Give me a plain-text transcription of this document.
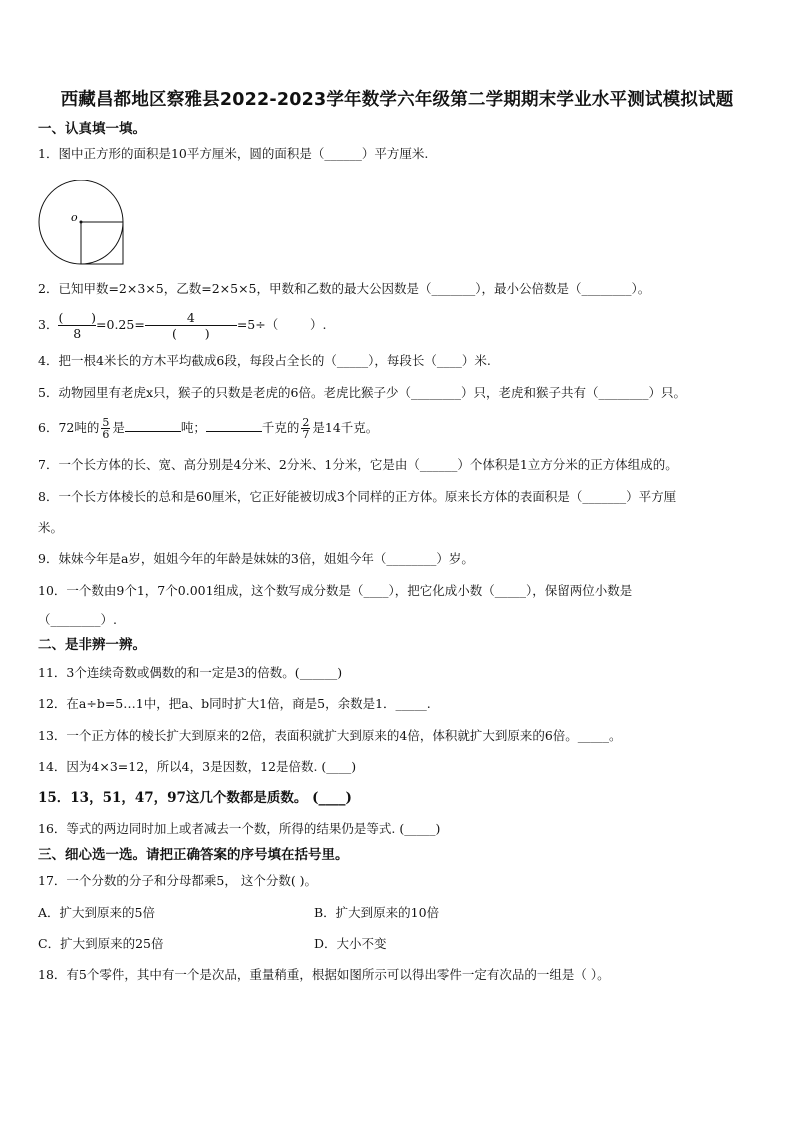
西藏昌都地区察雅县2022-2023学年数学六年级第二学期期末学业水平测试模拟试题
一、认真填一填。
1．图中正方形的面积是10平方厘米，圆的面积是（______）平方厘米.
o
2．已知甲数=2×3×5，乙数=2×5×5，甲数和乙数的最大公因数是（_______），最小公倍数是（________）。
3． $\frac{( )}{8} =0.25= \frac{4}{( )} =5\div$（        ）.
4．把一根4米长的方木平均截成6段，每段占全长的（_____），每段长（____）米.
5．动物园里有老虎x只，猴子的只数是老虎的6倍。老虎比猴子少（________）只，老虎和猴子共有（________）只。
6．72吨的 $\frac{5}{6}$ 是	吨；	千克的 $\frac{2}{7}$ 是14千克。
7．一个长方体的长、宽、高分别是4分米、2分米、1分米，它是由（______）个体积是1立方分米的正方体组成的。
8．一个长方体棱长的总和是60厘米，它正好能被切成3个同样的正方体。原来长方体的表面积是（_______）平方厘
米。
9．妹妹今年是a岁，姐姐今年的年龄是妹妹的3倍，姐姐今年（________）岁。
10．一个数由9个1，7个0.001组成，这个数写成分数是（____），把它化成小数（_____），保留两位小数是
（________）.
二、是非辨一辨。
11．3个连续奇数或偶数的和一定是3的倍数。(______)
12．在a÷b=5…1中，把a、b同时扩大1倍，商是5，余数是1．_____.
13．一个正方体的棱长扩大到原来的2倍，表面积就扩大到原来的4倍，体积就扩大到原来的6倍。_____。
14．因为4×3=12，所以4，3是因数，12是倍数. (____)
15．13，51，47，97这几个数都是质数。 (____)
16．等式的两边同时加上或者减去一个数，所得的结果仍是等式. (_____)
三、细心选一选。请把正确答案的序号填在括号里。
17．一个分数的分子和分母都乘5， 这个分数( )。
A．扩大到原来的5倍	B．扩大到原来的10倍
C．扩大到原来的25倍	D．大小不变
18．有5个零件，其中有一个是次品，重量稍重，根据如图所示可以得出零件一定有次品的一组是（ ）。
